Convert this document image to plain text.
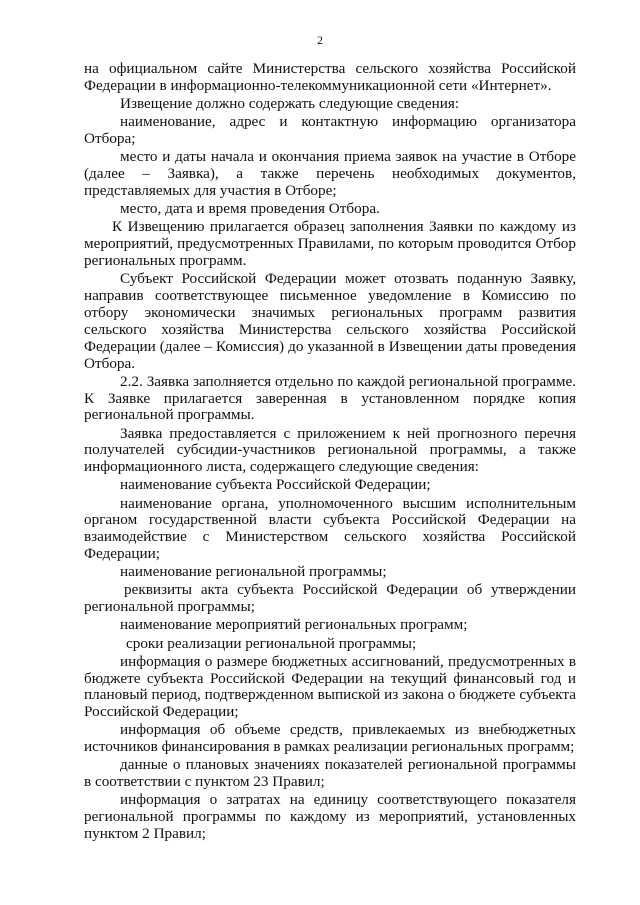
2

на официальном сайте Министерства сельского хозяйства Российской Федерации в информационно-телекоммуникационной сети «Интернет».

Извещение должно содержать следующие сведения:

наименование, адрес и контактную информацию организатора Отбора;

место и даты начала и окончания приема заявок на участие в Отборе (далее – Заявка), а также перечень необходимых документов, представляемых для участия в Отборе;

место, дата и время проведения Отбора.

К Извещению прилагается образец заполнения Заявки по каждому из мероприятий, предусмотренных Правилами, по которым проводится Отбор региональных программ.

Субъект Российской Федерации может отозвать поданную Заявку, направив соответствующее письменное уведомление в Комиссию по отбору экономически значимых региональных программ развития сельского хозяйства Министерства сельского хозяйства Российской Федерации (далее – Комиссия) до указанной в Извещении даты проведения Отбора.

2.2. Заявка заполняется отдельно по каждой региональной программе. К Заявке прилагается заверенная в установленном порядке копия региональной программы.

Заявка предоставляется с приложением к ней прогнозного перечня получателей субсидии-участников региональной программы, а также информационного листа, содержащего следующие сведения:

наименование субъекта Российской Федерации;

наименование органа, уполномоченного высшим исполнительным органом государственной власти субъекта Российской Федерации на взаимодействие с Министерством сельского хозяйства Российской Федерации;

наименование региональной программы;

реквизиты акта субъекта Российской Федерации об утверждении региональной программы;

наименование мероприятий региональных программ;

сроки реализации региональной программы;

информация о размере бюджетных ассигнований, предусмотренных в бюджете субъекта Российской Федерации на текущий финансовый год и плановый период, подтвержденном выпиской из закона о бюджете субъекта Российской Федерации;

информация об объеме средств, привлекаемых из внебюджетных источников финансирования в рамках реализации региональных программ;

данные о плановых значениях показателей региональной программы в соответствии с пунктом 23 Правил;

информация о затратах на единицу соответствующего показателя региональной программы по каждому из мероприятий, установленных пунктом 2 Правил;
